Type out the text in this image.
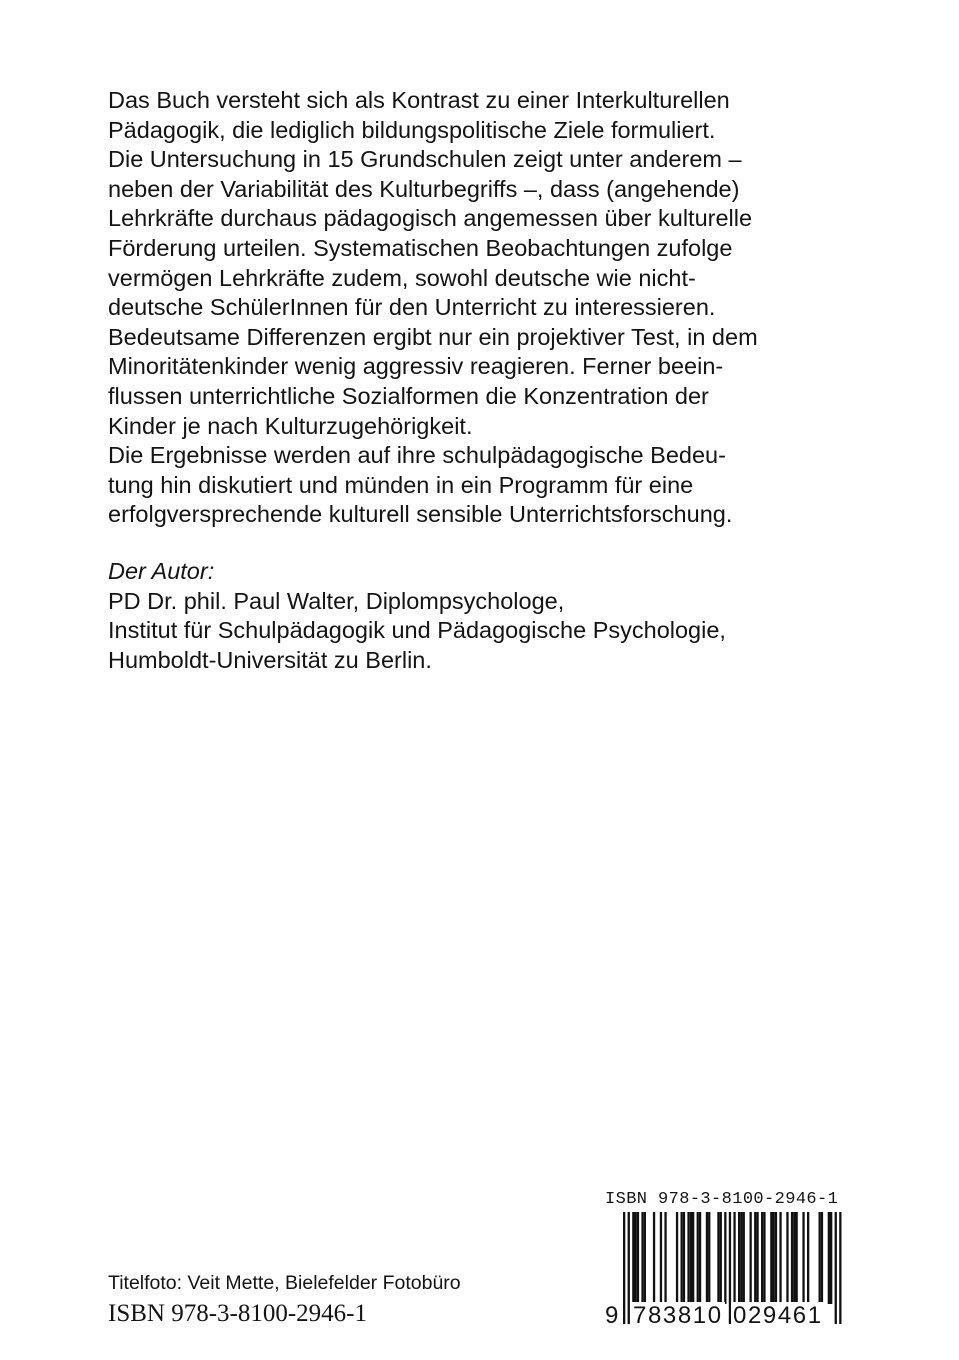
Das Buch versteht sich als Kontrast zu einer Interkulturellen
Pädagogik, die lediglich bildungspolitische Ziele formuliert.
Die Untersuchung in 15 Grundschulen zeigt unter anderem –
neben der Variabilität des Kulturbegriffs –, dass (angehende)
Lehrkräfte durchaus pädagogisch angemessen über kulturelle
Förderung urteilen. Systematischen Beobachtungen zufolge
vermögen Lehrkräfte zudem, sowohl deutsche wie nicht-
deutsche SchülerInnen für den Unterricht zu interessieren.
Bedeutsame Differenzen ergibt nur ein projektiver Test, in dem
Minoritätenkinder wenig aggressiv reagieren. Ferner beein-
flussen unterrichtliche Sozialformen die Konzentration der
Kinder je nach Kulturzugehörigkeit.
Die Ergebnisse werden auf ihre schulpädagogische Bedeu-
tung hin diskutiert und münden in ein Programm für eine
erfolgversprechende kulturell sensible Unterrichtsforschung.
Der Autor:
PD Dr. phil. Paul Walter, Diplompsychologe,
Institut für Schulpädagogik und Pädagogische Psychologie,
Humboldt-Universität zu Berlin.
Titelfoto: Veit Mette, Bielefelder Fotobüro
ISBN 978-3-8100-2946-1
ISBN 978-3-8100-2946-1
9 783810 029461
